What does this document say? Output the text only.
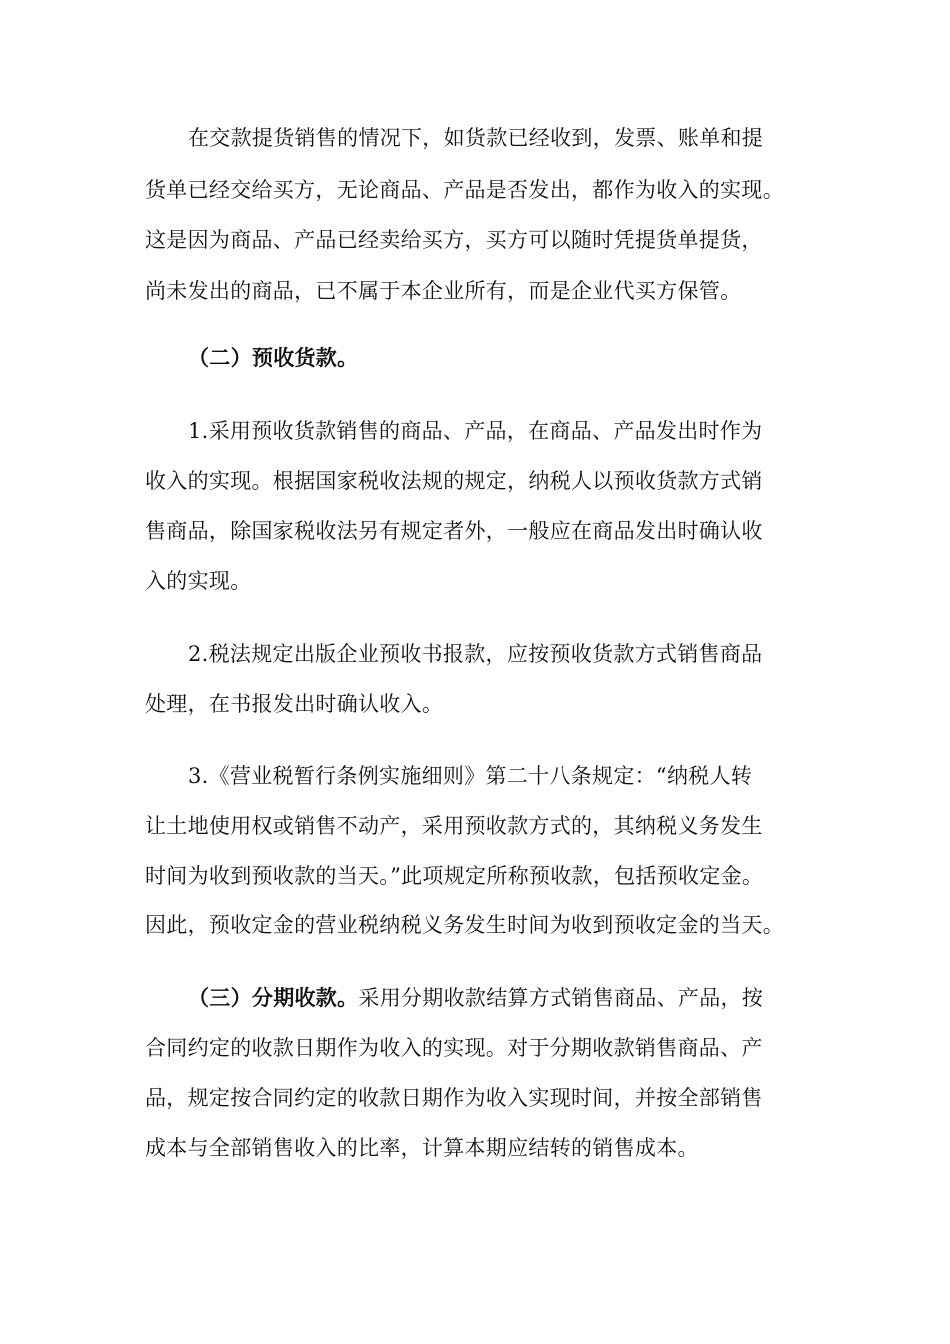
在交款提货销售的情况下，如货款已经收到，发票、账单和提
货单已经交给买方，无论商品、产品是否发出，都作为收入的实现。
这是因为商品、产品已经卖给买方，买方可以随时凭提货单提货，
尚未发出的商品，已不属于本企业所有，而是企业代买方保管。
（二）预收货款。
1.采用预收货款销售的商品、产品，在商品、产品发出时作为
收入的实现。根据国家税收法规的规定，纳税人以预收货款方式销
售商品，除国家税收法另有规定者外，一般应在商品发出时确认收
入的实现。
2.税法规定出版企业预收书报款，应按预收货款方式销售商品
处理，在书报发出时确认收入。
3.《营业税暂行条例实施细则》第二十八条规定：“纳税人转
让土地使用权或销售不动产，采用预收款方式的，其纳税义务发生
时间为收到预收款的当天。”此项规定所称预收款，包括预收定金。
因此，预收定金的营业税纳税义务发生时间为收到预收定金的当天。
（三）分期收款。采用分期收款结算方式销售商品、产品，按
合同约定的收款日期作为收入的实现。对于分期收款销售商品、产
品，规定按合同约定的收款日期作为收入实现时间，并按全部销售
成本与全部销售收入的比率，计算本期应结转的销售成本。
